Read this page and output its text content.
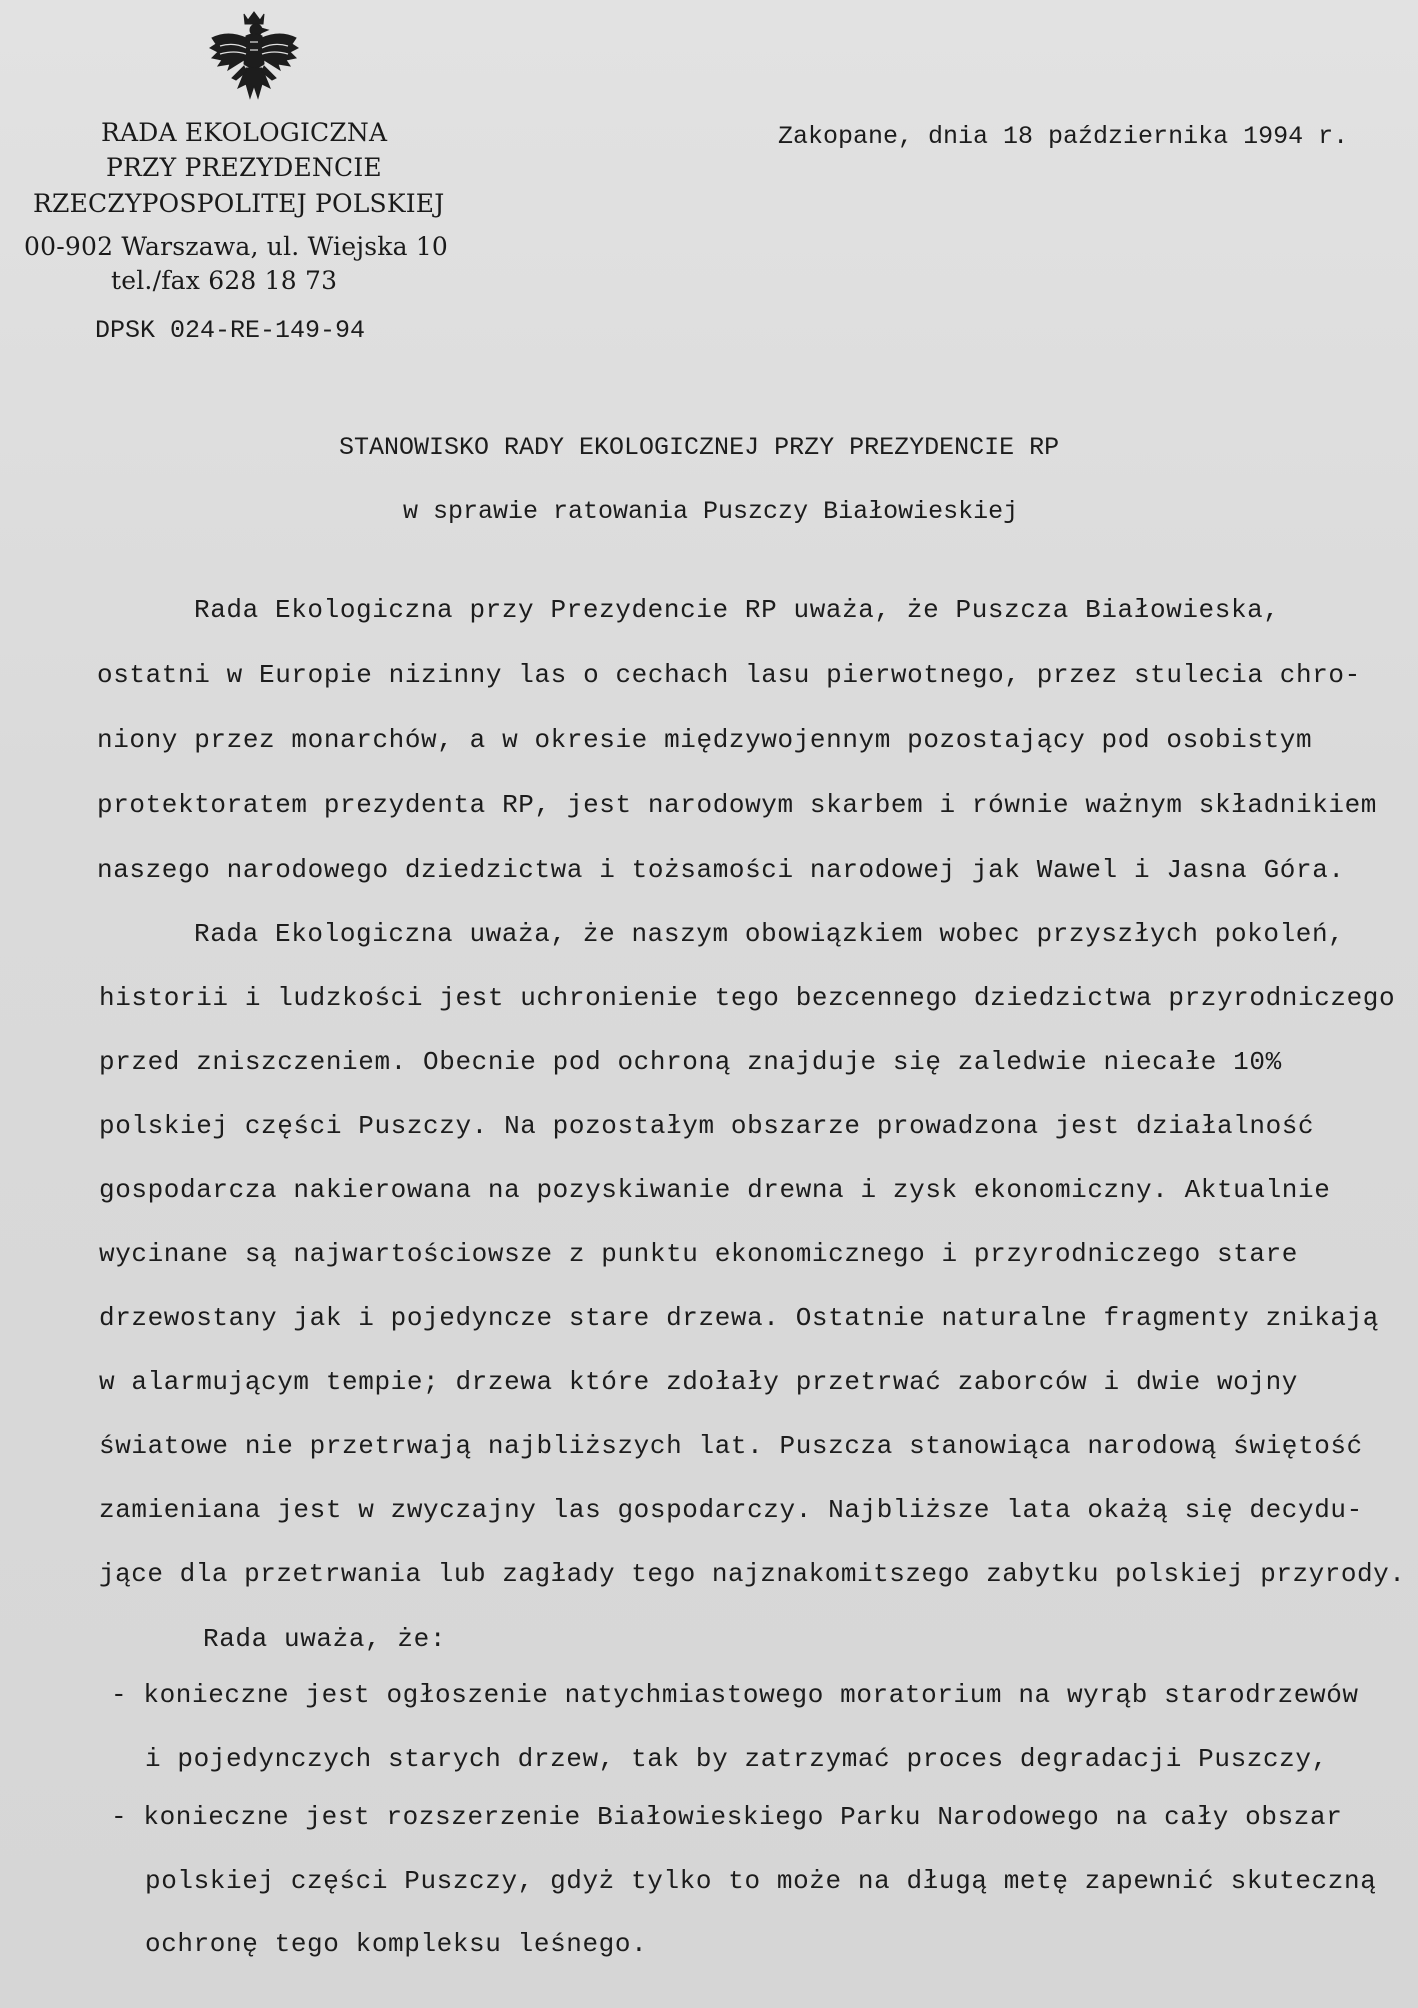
RADA EKOLOGICZNA
PRZY PREZYDENCIE
RZECZYPOSPOLITEJ POLSKIEJ
00-902 Warszawa, ul. Wiejska 10
tel./fax 628 18 73
DPSK 024-RE-149-94
Zakopane, dnia 18 października 1994 r.
STANOWISKO RADY EKOLOGICZNEJ PRZY PREZYDENCIE RP
w sprawie ratowania Puszczy Białowieskiej
Rada Ekologiczna przy Prezydencie RP uważa, że Puszcza Białowieska,
ostatni w Europie nizinny las o cechach lasu pierwotnego, przez stulecia chro-
niony przez monarchów, a w okresie międzywojennym pozostający pod osobistym
protektoratem prezydenta RP, jest narodowym skarbem i równie ważnym składnikiem
naszego narodowego dziedzictwa i tożsamości narodowej jak Wawel i Jasna Góra.
Rada Ekologiczna uważa, że naszym obowiązkiem wobec przyszłych pokoleń,
historii i ludzkości jest uchronienie tego bezcennego dziedzictwa przyrodniczego
przed zniszczeniem. Obecnie pod ochroną znajduje się zaledwie niecałe 10%
polskiej części Puszczy. Na pozostałym obszarze prowadzona jest działalność
gospodarcza nakierowana na pozyskiwanie drewna i zysk ekonomiczny. Aktualnie
wycinane są najwartościowsze z punktu ekonomicznego i przyrodniczego stare
drzewostany jak i pojedyncze stare drzewa. Ostatnie naturalne fragmenty znikają
w alarmującym tempie; drzewa które zdołały przetrwać zaborców i dwie wojny
światowe nie przetrwają najbliższych lat. Puszcza stanowiąca narodową świętość
zamieniana jest w zwyczajny las gospodarczy. Najbliższe lata okażą się decydu-
jące dla przetrwania lub zagłady tego najznakomitszego zabytku polskiej przyrody.
Rada uważa, że:
- konieczne jest ogłoszenie natychmiastowego moratorium na wyrąb starodrzewów
i pojedynczych starych drzew, tak by zatrzymać proces degradacji Puszczy,
- konieczne jest rozszerzenie Białowieskiego Parku Narodowego na cały obszar
polskiej części Puszczy, gdyż tylko to może na długą metę zapewnić skuteczną
ochronę tego kompleksu leśnego.
